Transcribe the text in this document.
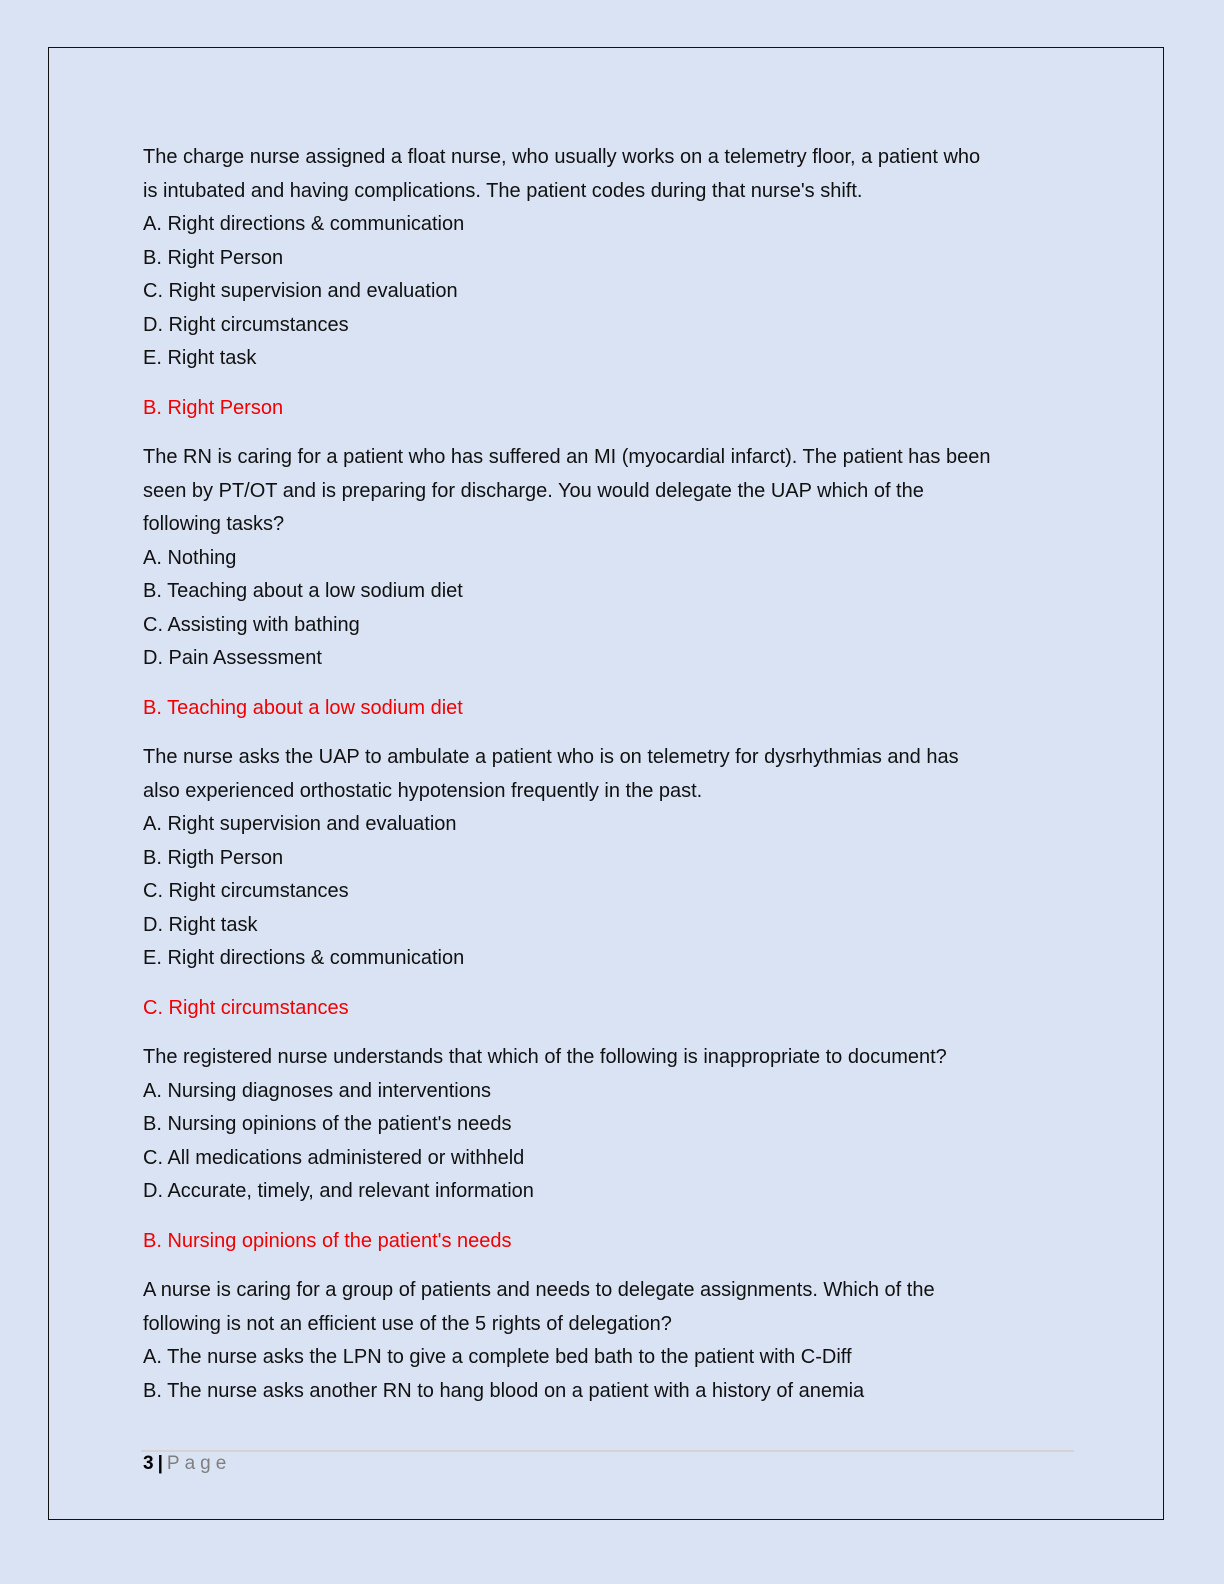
The charge nurse assigned a float nurse, who usually works on a telemetry floor, a patient who
is intubated and having complications. The patient codes during that nurse's shift.
A. Right directions & communication
B. Right Person
C. Right supervision and evaluation
D. Right circumstances
E. Right task
B. Right Person
The RN is caring for a patient who has suffered an MI (myocardial infarct). The patient has been
seen by PT/OT and is preparing for discharge. You would delegate the UAP which of the
following tasks?
A. Nothing
B. Teaching about a low sodium diet
C. Assisting with bathing
D. Pain Assessment
B. Teaching about a low sodium diet
The nurse asks the UAP to ambulate a patient who is on telemetry for dysrhythmias and has
also experienced orthostatic hypotension frequently in the past.
A. Right supervision and evaluation
B. Rigth Person
C. Right circumstances
D. Right task
E. Right directions & communication
C. Right circumstances
The registered nurse understands that which of the following is inappropriate to document?
A. Nursing diagnoses and interventions
B. Nursing opinions of the patient's needs
C. All medications administered or withheld
D. Accurate, timely, and relevant information
B. Nursing opinions of the patient's needs
A nurse is caring for a group of patients and needs to delegate assignments. Which of the
following is not an efficient use of the 5 rights of delegation?
A. The nurse asks the LPN to give a complete bed bath to the patient with C-Diff
B. The nurse asks another RN to hang blood on a patient with a history of anemia
3 | Page
